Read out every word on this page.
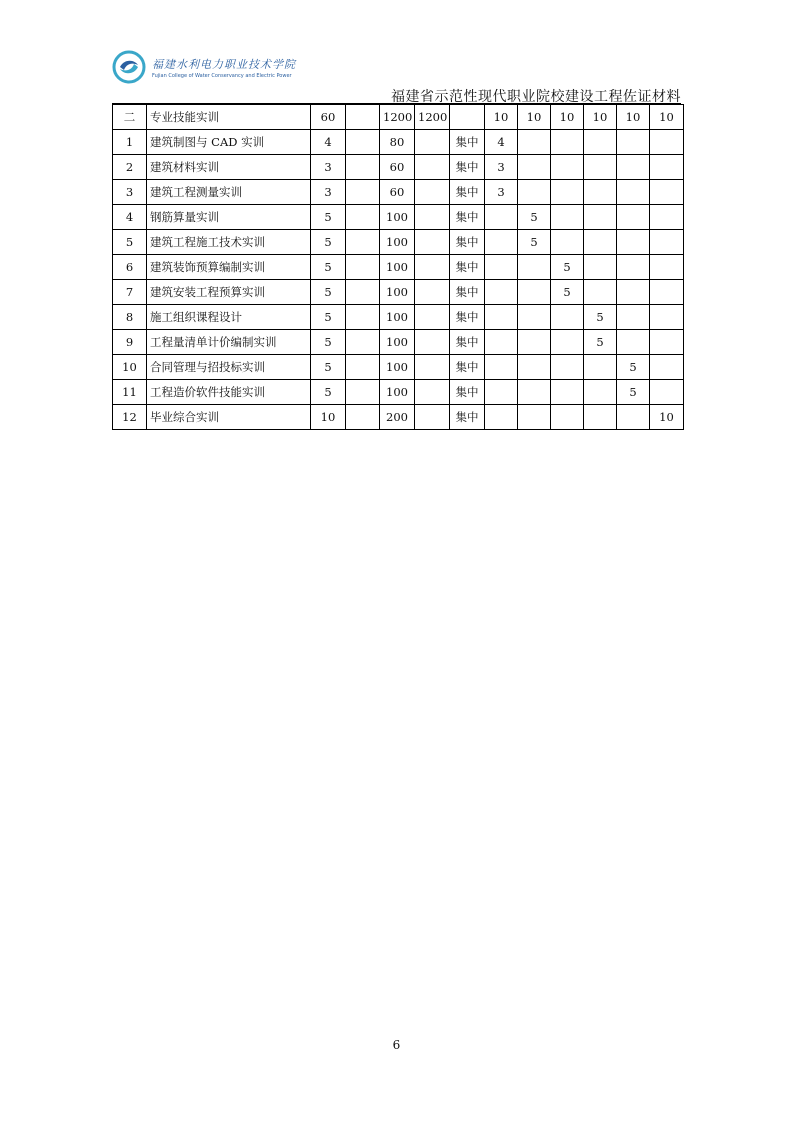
福建水利电力职业技术学院
Fujian College of Water Conservancy and Electric Power
福建省示范性现代职业院校建设工程佐证材料
二	专业技能实训	60		1200	1200		10	10	10	10	10	10
1	建筑制图与 CAD 实训	4		80		集中	4					
2	建筑材料实训	3		60		集中	3					
3	建筑工程测量实训	3		60		集中	3					
4	钢筋算量实训	5		100		集中		5				
5	建筑工程施工技术实训	5		100		集中		5				
6	建筑装饰预算编制实训	5		100		集中			5			
7	建筑安装工程预算实训	5		100		集中			5			
8	施工组织课程设计	5		100		集中				5		
9	工程量清单计价编制实训	5		100		集中				5		
10	合同管理与招投标实训	5		100		集中					5	
11	工程造价软件技能实训	5		100		集中					5	
12	毕业综合实训	10		200		集中						10
6
